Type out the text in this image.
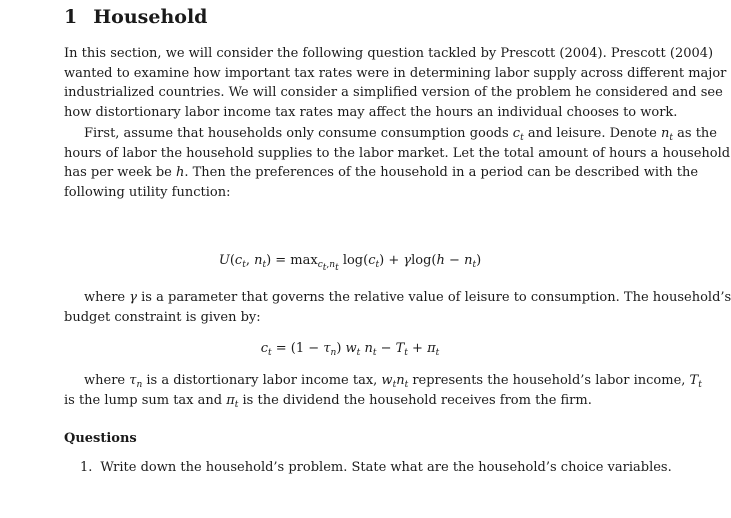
1 Household
In this section, we will consider the following question tackled by Prescott (2004). Prescott (2004)
wanted to examine how important tax rates were in determining labor supply across different major
industrialized countries. We will consider a simplified version of the problem he considered and see
how distortionary labor income tax rates may affect the hours an individual chooses to work.
First, assume that households only consume consumption goods $c_t$ and leisure. Denote $n_t$ as the
hours of labor the household supplies to the labor market. Let the total amount of hours a household
has per week be h. Then the preferences of the household in a period can be described with the
following utility function:
$U(c_t$, $n_t) = \max_{c_t,n_t} \log(c_t) + \gamma\log(h - n_t)$
where γ is a parameter that governs the relative value of leisure to consumption. The household’s
budget constraint is given by:
$c_t = (1 - \tau_n)$ $w_t$ $n_t - T_t + \pi_t$
where $\tau_n$ is a distortionary labor income tax, $w_tn_t$ represents the household’s labor income, $T_t$
is the lump sum tax and $\pi_t$ is the dividend the household receives from the firm.
Questions
1. Write down the household’s problem. State what are the household’s choice variables.
